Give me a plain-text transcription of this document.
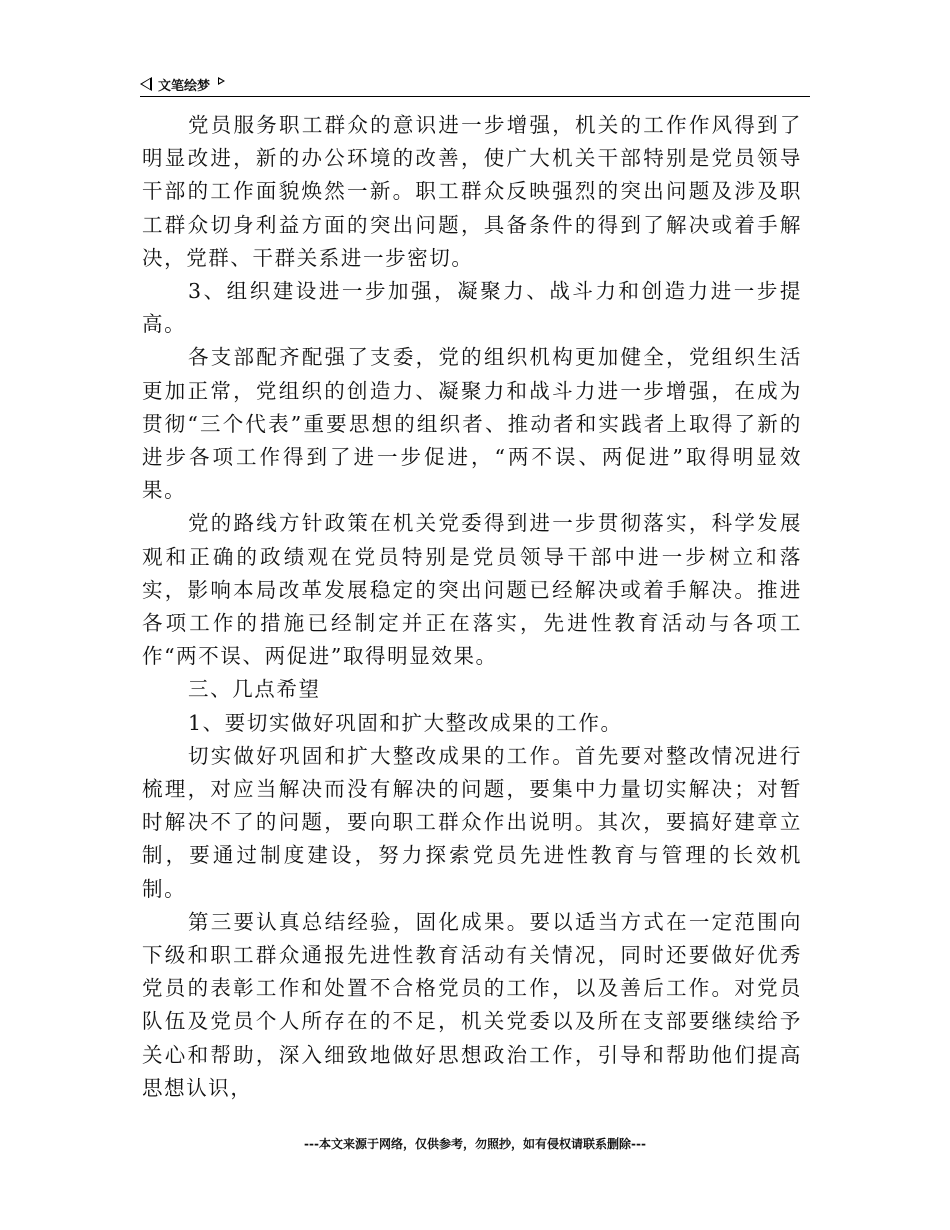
文笔绘梦

党员服务职工群众的意识进一步增强，机关的工作作风得到了明显改进，新的办公环境的改善，使广大机关干部特别是党员领导干部的工作面貌焕然一新。职工群众反映强烈的突出问题及涉及职工群众切身利益方面的突出问题，具备条件的得到了解决或着手解决，党群、干群关系进一步密切。

3、组织建设进一步加强，凝聚力、战斗力和创造力进一步提高。

各支部配齐配强了支委，党的组织机构更加健全，党组织生活更加正常，党组织的创造力、凝聚力和战斗力进一步增强，在成为贯彻“三个代表”重要思想的组织者、推动者和实践者上取得了新的进步各项工作得到了进一步促进，“两不误、两促进”取得明显效果。

党的路线方针政策在机关党委得到进一步贯彻落实，科学发展观和正确的政绩观在党员特别是党员领导干部中进一步树立和落实，影响本局改革发展稳定的突出问题已经解决或着手解决。推进各项工作的措施已经制定并正在落实，先进性教育活动与各项工作“两不误、两促进”取得明显效果。

三、几点希望

1、要切实做好巩固和扩大整改成果的工作。

切实做好巩固和扩大整改成果的工作。首先要对整改情况进行梳理，对应当解决而没有解决的问题，要集中力量切实解决；对暂时解决不了的问题，要向职工群众作出说明。其次，要搞好建章立制，要通过制度建设，努力探索党员先进性教育与管理的长效机制。

第三要认真总结经验，固化成果。要以适当方式在一定范围向下级和职工群众通报先进性教育活动有关情况，同时还要做好优秀党员的表彰工作和处置不合格党员的工作，以及善后工作。对党员队伍及党员个人所存在的不足，机关党委以及所在支部要继续给予关心和帮助，深入细致地做好思想政治工作，引导和帮助他们提高思想认识，

---本文来源于网络，仅供参考，勿照抄，如有侵权请联系删除---
